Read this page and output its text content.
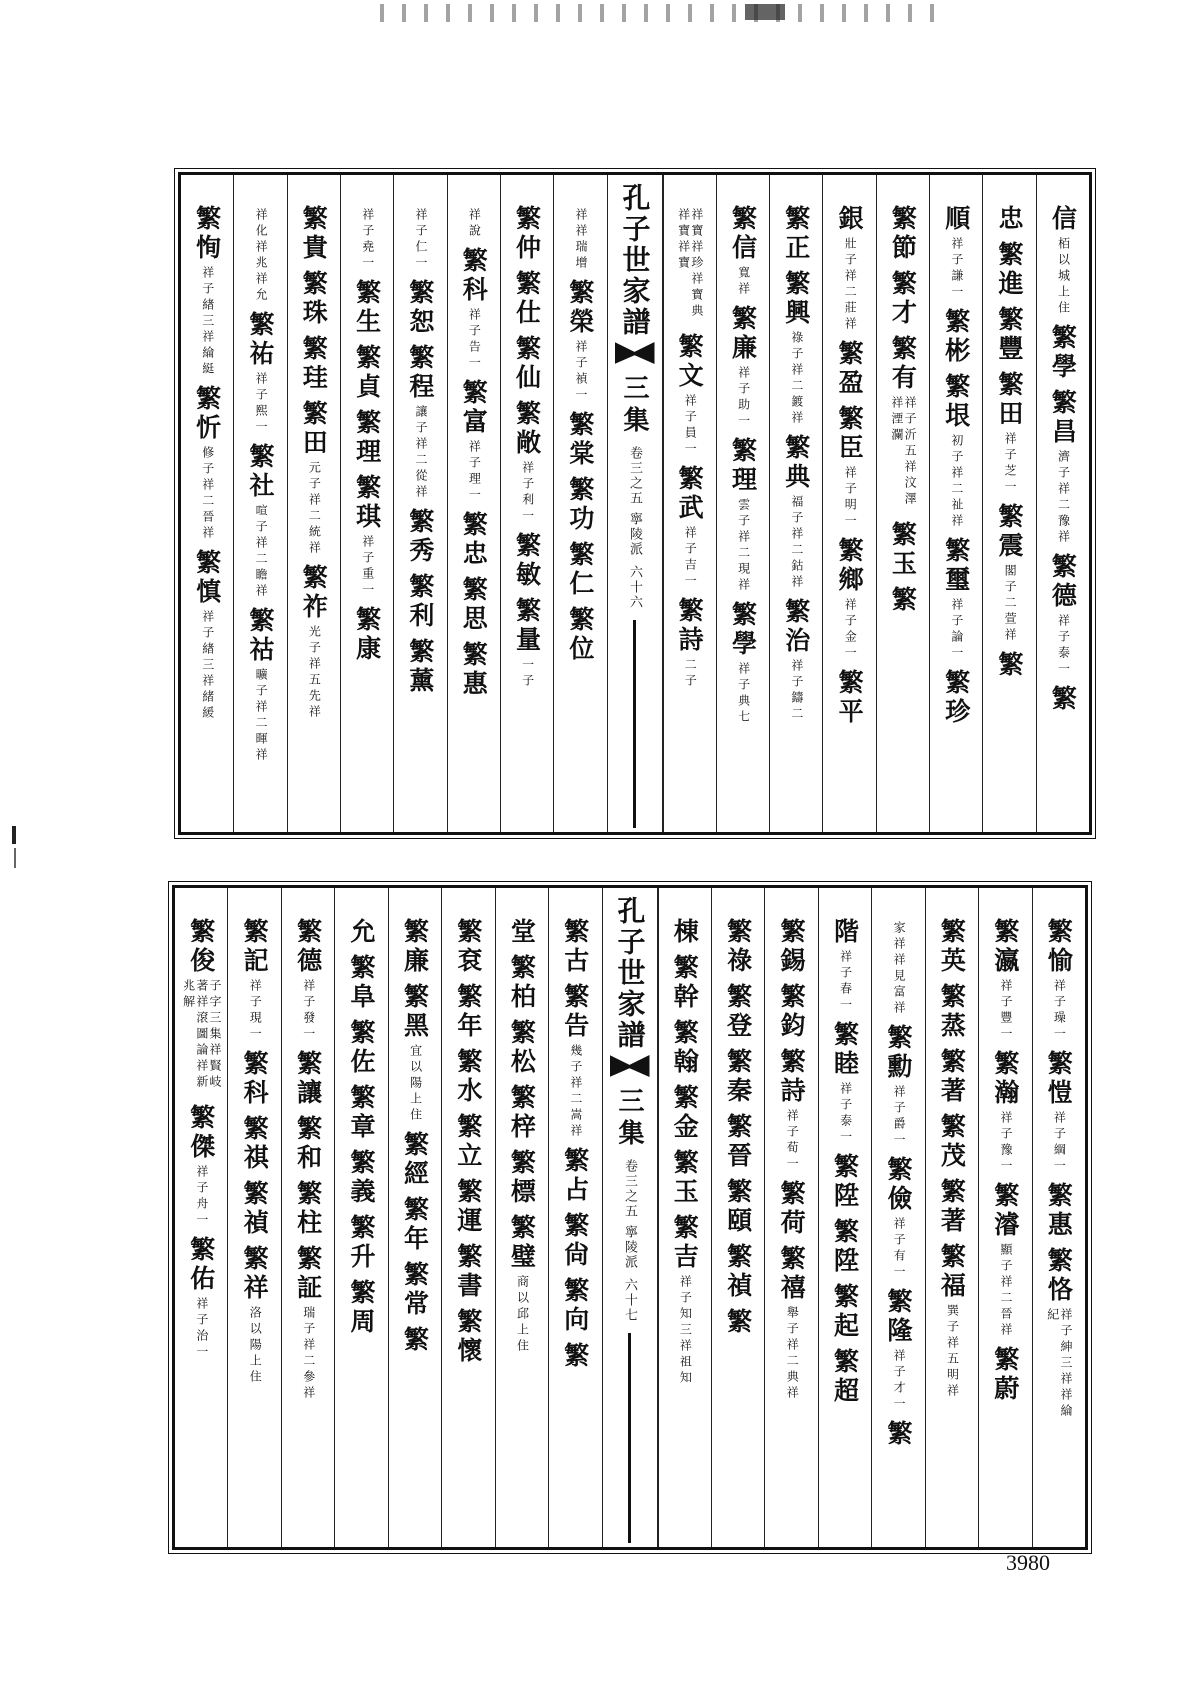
信
栢以城上住
繁學
繁昌
濟子祥二豫祥
繁德
祥子泰一
繁
忠
繁進
繁豐
繁田
祥子芝一
繁震
閣子二萱祥
繁
順
祥子謙一
繁彬
繁垠
初子祥二祉祥
繁璽
祥子論一
繁珍
繁節
繁才
繁有
祥子沂五祥汶澤祥湮瀾
繁玉
繁
銀
壯子祥二莊祥
繁盈
繁臣
祥子明一
繁鄉
祥子金一
繁平
繁正
繁興
祿子祥二鍍祥
繁典
福子祥二鈷祥
繁治
祥子鑄二
繁信
寬祥
繁廉
祥子助一
繁理
雲子祥二現祥
繁學
祥子典七
祥寶祥珍祥寶典祥寶祥寶
繁文
祥子員一
繁武
祥子吉一
繁詩
二子
孔子世家譜
三集
卷三之五 寧陵派
六十六
祥祥瑞增
繁榮
祥子禎一
繁棠
繁功
繁仁
繁位
繁仲
繁仕
繁仙
繁敞
祥子利一
繁敏
繁量
一子
祥說
繁科
祥子告一
繁富
祥子理一
繁忠
繁思
繁惠
祥子仁一
繁恕
繁程
讓子祥二從祥
繁秀
繁利
繁薰
祥子堯一
繁生
繁貞
繁理
繁琪
祥子重一
繁康
繁貴
繁珠
繁珪
繁田
元子祥二統祥
繁祚
光子祥五先祥
祥化祥兆祥允
繁祐
祥子熙一
繁社
喧子祥二瞻祥
繁祜
曠子祥二暉祥
繁恂
祥子緖三祥綸綎
繁忻
修子祥二晉祥
繁慎
祥子緖三祥緒緩
繁愉
祥子璪一
繁愷
祥子綱一
繁惠
繁恪
祥子紳三祥祥綸紀
繁瀛
祥子豐一
繁瀚
祥子豫一
繁濬
顯子祥二晉祥
繁蔚
繁英
繁蒸
繁著
繁茂
繁著
繁福
巽子祥五明祥
家祥祥見富祥
繁勳
祥子爵一
繁儉
祥子有一
繁隆
祥子才一
繁
階
祥子春一
繁睦
祥子泰一
繁陞
繁陞
繁起
繁超
繁錫
繁鈞
繁詩
祥子荀一
繁荷
繁禧
舉子祥二典祥
繁祿
繁登
繁秦
繁晉
繁頤
繁禎
繁
棟
繁幹
繁翰
繁金
繁玉
繁吉
祥子知三祥祖知
孔子世家譜
三集
卷三之五 寧陵派
六十七
繁古
繁告
幾子祥二嵩祥
繁占
繁尙
繁向
繁
堂
繁柏
繁松
繁梓
繁標
繁璧
商以邱上住
繁袞
繁年
繁水
繁立
繁運
繁書
繁懷
繁廉
繁黑
宜以陽上住
繁經
繁年
繁常
繁
允
繁阜
繁佐
繁章
繁義
繁升
繁周
繁德
祥子發一
繁讓
繁和
繁柱
繁証
瑞子祥二參祥
繁記
祥子現一
繁科
繁祺
繁禎
繁祥
洛以陽上住
繁俊
子字三集祥賢岐著祥滾圖論祥新兆解
繁傑
祥子舟一
繁佑
祥子治一
3980
